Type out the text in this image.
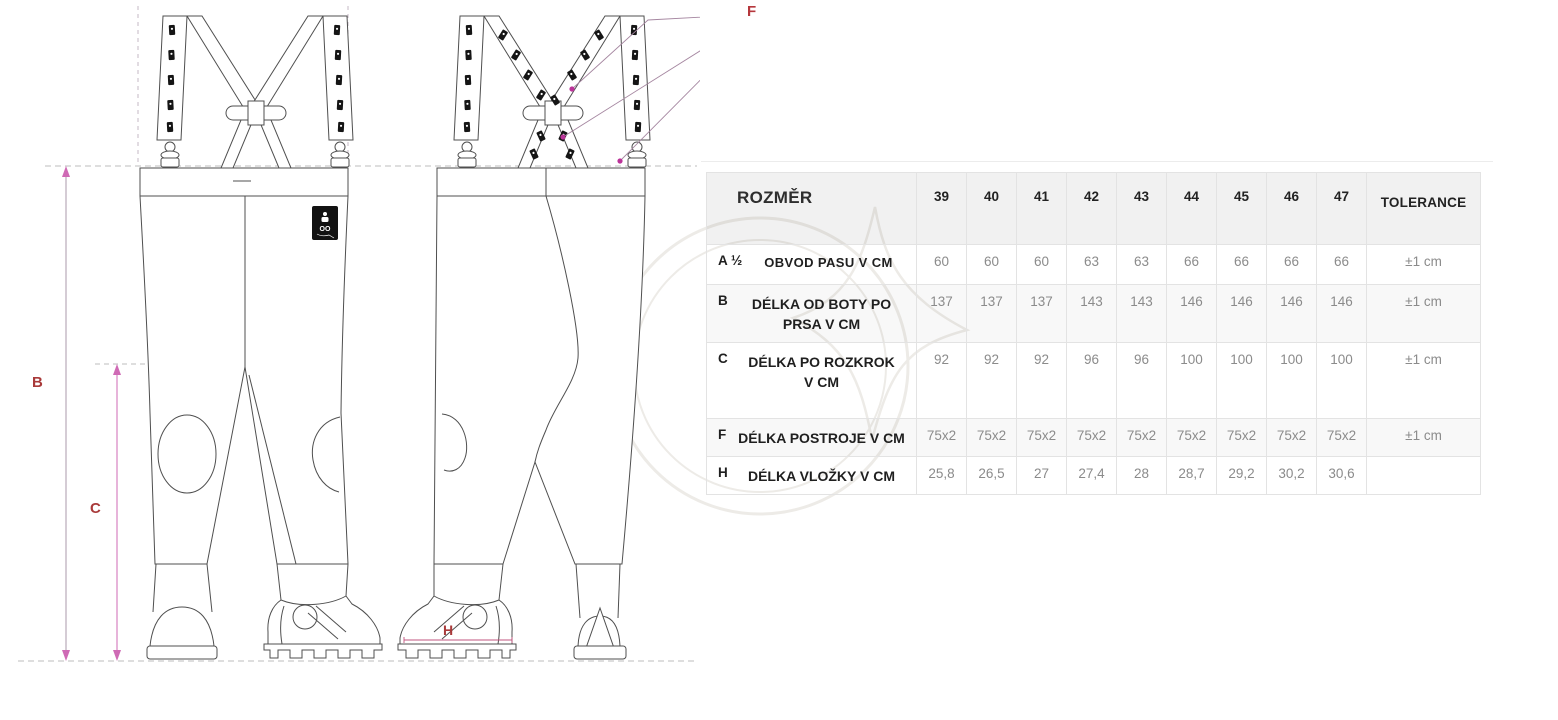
OO
B
C
F
H
ROZMĚR	39	40	41	42	43	44	45	46	47	TOLERANCE

A ½ OBVOD PASU V CM	60	60	60	63	63	66	66	66	66	±1 cm

B DÉLKA OD BOTY PO
PRSA V CM	137	137	137	143	143	146	146	146	146	±1 cm

C DÉLKA PO ROZKROK
V CM	92	92	92	96	96	100	100	100	100	±1 cm

F DÉLKA POSTROJE V CM	75x2	75x2	75x2	75x2	75x2	75x2	75x2	75x2	75x2	±1 cm

H DÉLKA VLOŽKY V CM	25,8	26,5	27	27,4	28	28,7	29,2	30,2	30,6	
